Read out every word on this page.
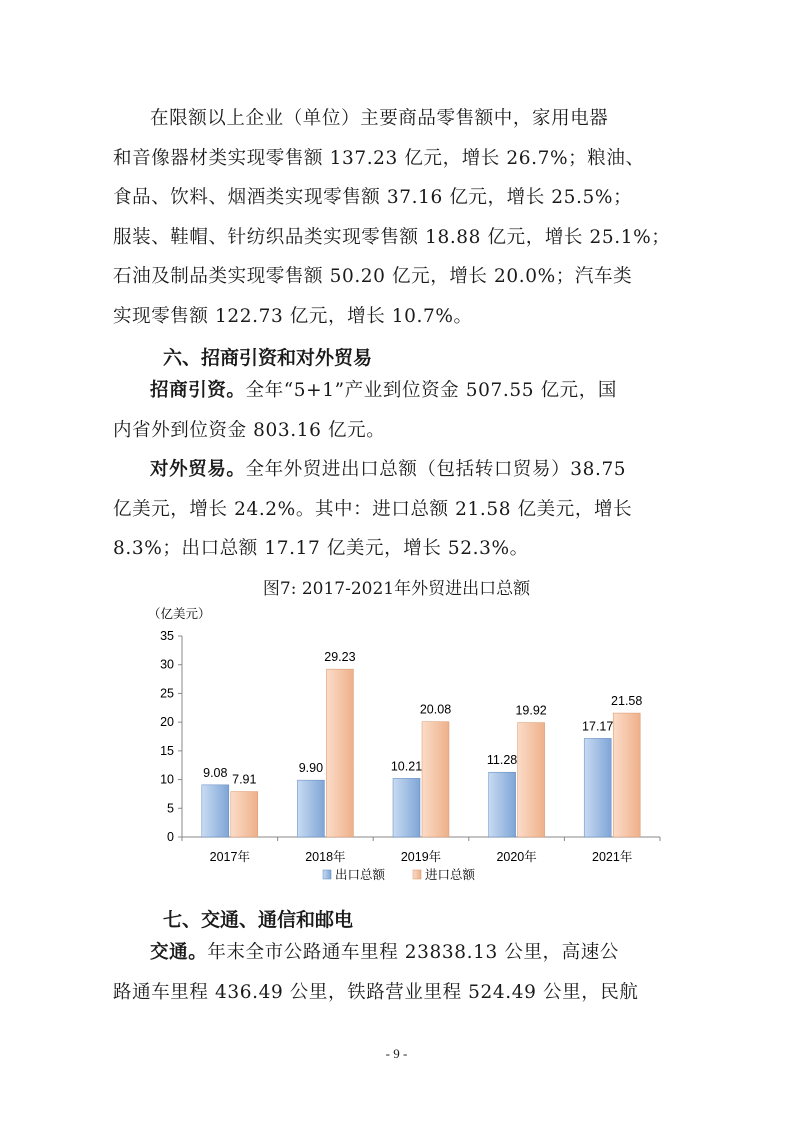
在限额以上企业（单位）主要商品零售额中，家用电器
和音像器材类实现零售额 137.23 亿元，增长 26.7%；粮油、
食品、饮料、烟酒类实现零售额 37.16 亿元，增长 25.5%；
服装、鞋帽、针纺织品类实现零售额 18.88 亿元，增长 25.1%；
石油及制品类实现零售额 50.20 亿元，增长 20.0%；汽车类
实现零售额 122.73 亿元，增长 10.7%。
六、招商引资和对外贸易
招商引资。全年“5+1”产业到位资金 507.55 亿元，国
内省外到位资金 803.16 亿元。
对外贸易。全年外贸进出口总额（包括转口贸易）38.75
亿美元，增长 24.2%。其中：进口总额 21.58 亿美元，增长
8.3%；出口总额 17.17 亿美元，增长 52.3%。
图7: 2017-2021年外贸进出口总额
（亿美元）
0
5
10
15
20
25
30
35
9.08 7.91
2017年
9.90
29.23
2018年
10.21
20.08
2019年
11.28
19.92
2020年
17.17
21.58
2021年
出口总额	进口总额
七、交通、通信和邮电
交通。年末全市公路通车里程 23838.13 公里，高速公
路通车里程 436.49 公里，铁路营业里程 524.49 公里，民航
- 9 -
